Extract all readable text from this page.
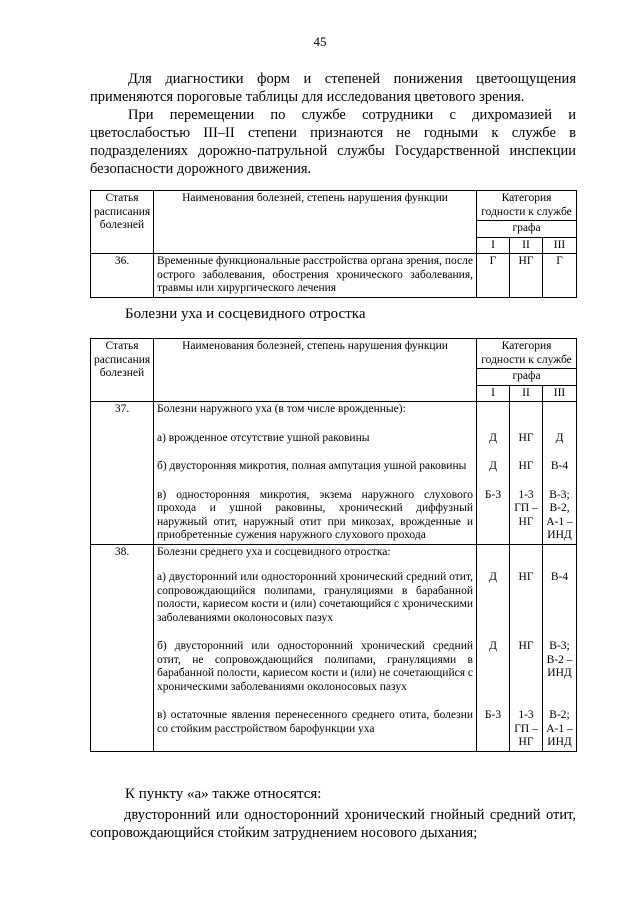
45

Для диагностики форм и степеней понижения цветоощущения применяются пороговые таблицы для исследования цветового зрения.

При перемещении по службе сотрудники с дихромазией и цветослабостью III–II степени признаются не годными к службе в подразделениях дорожно-патрульной службы Государственной инспекции безопасности дорожного движения.

Статья расписания болезней	Наименования болезней, степень нарушения функции	Категория годности к службе		
		графа		
		I	II	III
36.	Временные функциональные расстройства органа зрения, после острого заболевания, обострения хронического заболевания, травмы или хирургического лечения	Г	НГ	Г
Болезни уха и сосцевидного отростка
Статья расписания болезней	Наименования болезней, степень нарушения функции	Категория годности к службе		
		графа		
		I	II	III
37.	Болезни наружного уха (в том числе врожденные):			
	а) врожденное отсутствие ушной раковины	Д	НГ	Д
	б) двусторонняя микротия, полная ампутация ушной раковины	Д	НГ	В-4
	в) односторонняя микротия, экзема наружного слухового прохода и ушной раковины, хронический диффузный наружный отит, наружный отит при микозах, врожденные и приобретенные сужения наружного слухового прохода	Б-3	1-3 ГП – НГ	В-3; В-2, А-1 – ИНД
38.	Болезни среднего уха и сосцевидного отростка:			
	а) двусторонний или односторонний хронический средний отит, сопровождающийся полипами, грануляциями в барабанной полости, кариесом кости и (или) сочетающийся с хроническими заболеваниями околоносовых пазух	Д	НГ	В-4
	б) двусторонний или односторонний хронический средний отит, не сопровождающийся полипами, грануляциями в барабанной полости, кариесом кости и (или) не сочетающийся с хроническими заболеваниями околоносовых пазух	Д	НГ	В-3; В-2 – ИНД
	в) остаточные явления перенесенного среднего отита, болезни со стойким расстройством барофункции уха	Б-3	1-3 ГП – НГ	В-2; А-1 – ИНД
К пункту «а» также относятся:

двусторонний или односторонний хронический гнойный средний отит, сопровождающийся стойким затруднением носового дыхания;
